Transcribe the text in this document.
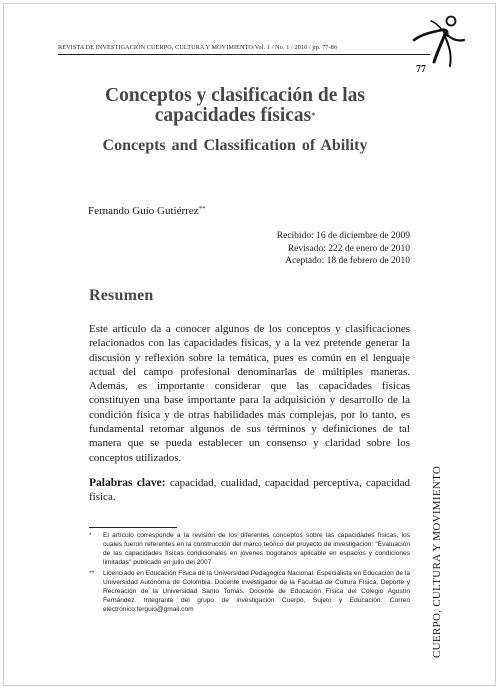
REVISTA DE INVESTIGACIÓN CUERPO, CULTURA Y MOVIMIENTO/Vol. 1 / No. 1 / 2010 / pp. 77-86
77
Conceptos y clasificación de las capacidades físicas*
Concepts and Classification of Ability
Fernando Guío Gutiérrez**
Recibido: 16 de diciembre de 2009
Revisado: 222 de enero de 2010
Aceptado: 18 de febrero de 2010
Resumen
Este artículo da a conocer algunos de los conceptos y clasificaciones relacionados con las capacidades físicas, y a la vez pretende generar la discusión y reflexión sobre la temática, pues es común en el lenguaje actual del campo profesional denominarlas de múltiples maneras. Además, es importante considerar que las capacidades físicas constituyen una base importante para la adquisición y desarrollo de la condición física y de otras habilidades más complejas, por lo tanto, es fundamental retomar algunos de sus términos y definiciones de tal manera que se pueda establecer un consenso y claridad sobre los conceptos utilizados.
Palabras clave: capacidad, cualidad, capacidad perceptiva, capacidad física.
* El artículo corresponde a la revisión de los diferentes conceptos sobre las capacidades físicas, los cuales fueron referentes en la construcción del marco teórico del proyecto de investigación: "Evaluación de las capacidades físicas condicionales en jóvenes bogotanos aplicable en espacios y condiciones limitadas" publicado en julio del 2007
** Licenciado en Educación Física de la Universidad Pedagógica Nacional. Especialista en Educación de la Universidad Autónoma de Colombia. Docente investigador de la Facultad de Cultura Física, Deporte y Recreación de la Universidad Santo Tomás. Docente de Educación Física del Colegio Agustín Fernández. Integrante del grupo de investigación Cuerpo, Sujeto y Educación. Correo electrónico:ferguio@gmail.com	CUERPO, CULTURA Y MOVIMIENTO
